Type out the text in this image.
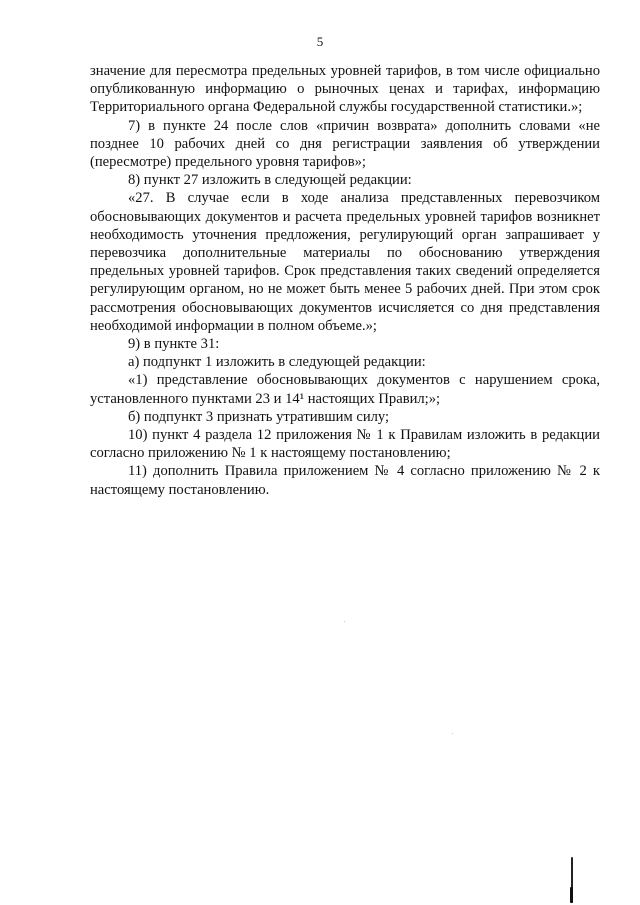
5

значение для пересмотра предельных уровней тарифов, в том числе официально опубликованную информацию о рыночных ценах и тарифах, информацию Территориального органа Федеральной службы государственной статистики.»;

7) в пункте 24 после слов «причин возврата» дополнить словами «не позднее 10 рабочих дней со дня регистрации заявления об утверждении (пересмотре) предельного уровня тарифов»;

8) пункт 27 изложить в следующей редакции:

«27. В случае если в ходе анализа представленных перевозчиком обосновывающих документов и расчета предельных уровней тарифов возникнет необходимость уточнения предложения, регулирующий орган запрашивает у перевозчика дополнительные материалы по обоснованию утверждения предельных уровней тарифов. Срок представления таких сведений определяется регулирующим органом, но не может быть менее 5 рабочих дней. При этом срок рассмотрения обосновывающих документов исчисляется со дня представления необходимой информации в полном объеме.»;

9) в пункте 31:

а) подпункт 1 изложить в следующей редакции:

«1) представление обосновывающих документов с нарушением срока, установленного пунктами 23 и 14¹ настоящих Правил;»;

б) подпункт 3 признать утратившим силу;

10) пункт 4 раздела 12 приложения № 1 к Правилам изложить в редакции согласно приложению № 1 к настоящему постановлению;

11) дополнить Правила приложением № 4 согласно приложению № 2 к настоящему постановлению.
